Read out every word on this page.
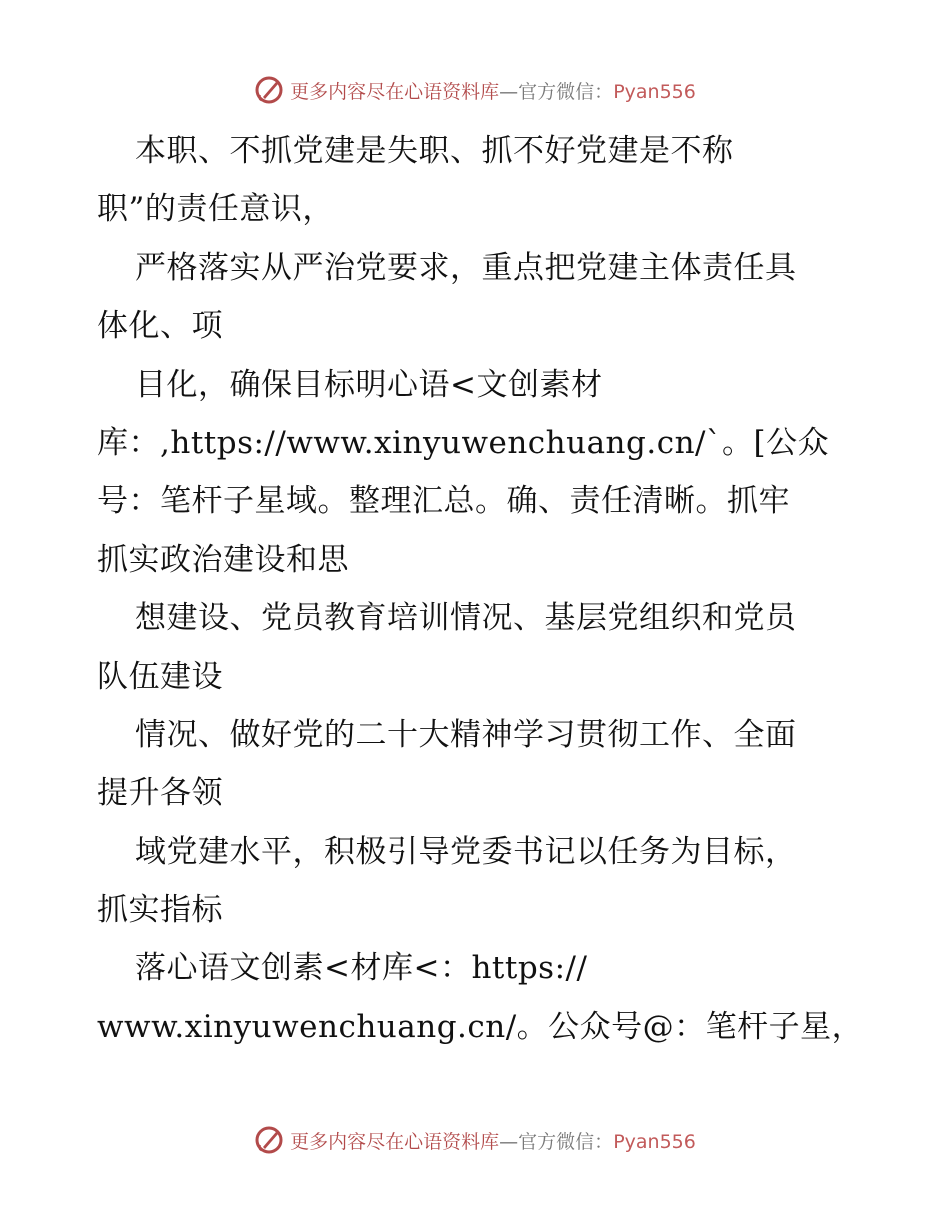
更多内容尽在心语资料库—官方微信：Pyan556
本职、不抓党建是失职、抓不好党建是不称
职”的责任意识，
严格落实从严治党要求，重点把党建主体责任具
体化、项
目化，确保目标明心语<文创素材
库：,https://www.xinyuwenchuang.cn/`。[公众
号：笔杆子星域。整理汇总。确、责任清晰。抓牢
抓实政治建设和思
想建设、党员教育培训情况、基层党组织和党员
队伍建设
情况、做好党的二十大精神学习贯彻工作、全面
提升各领
域党建水平，积极引导党委书记以任务为目标，
抓实指标
落心语文创素<材库<：https://
www.xinyuwenchuang.cn/。公众号@：笔杆子星，
更多内容尽在心语资料库—官方微信：Pyan556
